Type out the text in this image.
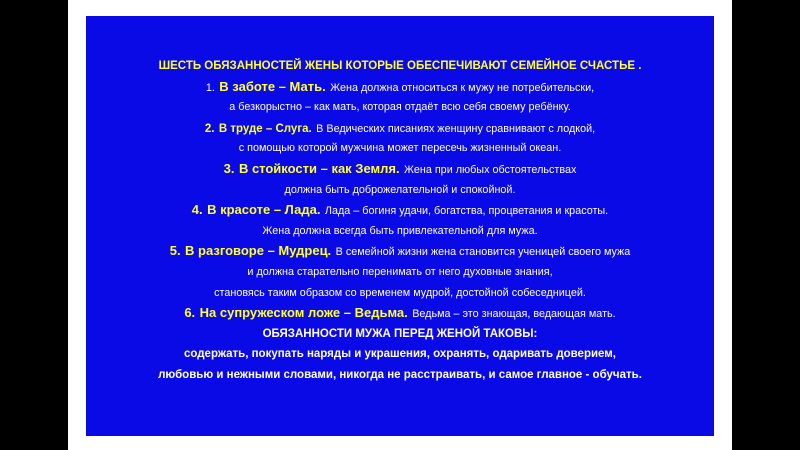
ШЕСТЬ ОБЯЗАННОСТЕЙ ЖЕНЫ КОТОРЫЕ ОБЕСПЕЧИВАЮТ СЕМЕЙНОЕ СЧАСТЬЕ .
1. В заботе – Мать. Жена должна относиться к мужу не потребительски,
а безкорыстно – как мать, которая отдаёт всю себя своему ребёнку.
2. В труде – Слуга. В Ведических писаниях женщину сравнивают с лодкой,
с помощью которой мужчина может пересечь жизненный океан.
3. В стойкости – как Земля. Жена при любых обстоятельствах
должна быть доброжелательной и спокойной.
4. В красоте – Лада. Лада – богиня удачи, богатства, процветания и красоты.
Жена должна всегда быть привлекательной для мужа.
5. В разговоре – Мудрец. В семейной жизни жена становится ученицей своего мужа
и должна старательно перенимать от него духовные знания,
становясь таким образом со временем мудрой, достойной собеседницей.
6. На супружеском ложе – Ведьма. Ведьма – это знающая, ведающая мать.
ОБЯЗАННОСТИ МУЖА ПЕРЕД ЖЕНОЙ ТАКОВЫ:
содержать, покупать наряды и украшения, охранять, одаривать доверием,
любовью и нежными словами, никогда не расстраивать, и самое главное - обучать.
